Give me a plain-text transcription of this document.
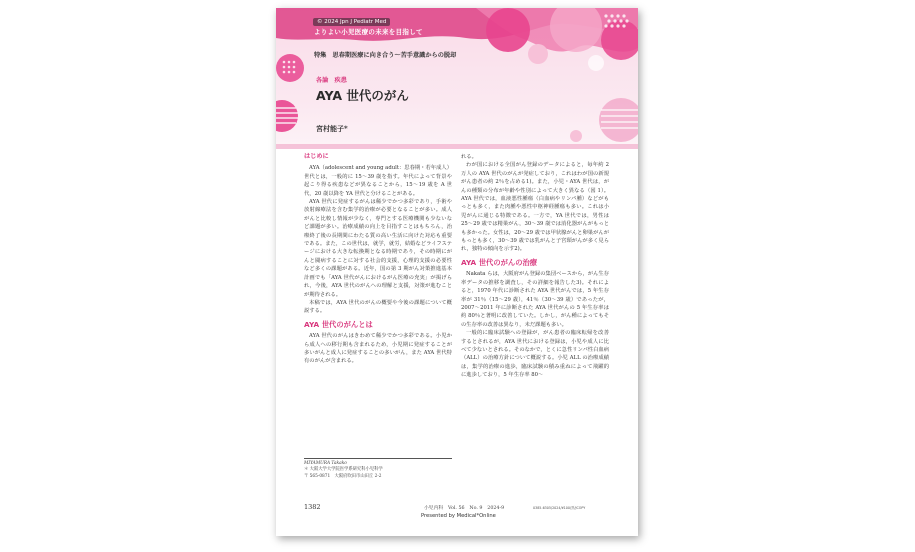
© 2024 Jpn J Pediatr Med
よりよい小児医療の未来を目指して
特集 思春期医療に向き合う～苦手意識からの脱却
各論　疾患
AYA 世代のがん
宮村能子*
はじめに

AYA（adolescent and young adult：思春期・若年成人）世代とは，一般的に 15～39 歳を指す。年代によって背景や起こり得る疾患などが異なることから，15～19 歳を A 世代，20 歳以降を YA 世代と分けることがある。

AYA 世代に発症するがんは稀少でかつ多彩であり，手術や放射線療法を含む集学的治療が必要となることが多い。成人がんと比較し情報が少なく，専門とする医療機関も少ないなど課題が多い。治療成績の向上を目指すことはもちろん，治療終了後の長期間にわたる質の高い生活に向けた対応も重要である。また，この世代は，就学，就労，結婚などライフステージにおける大きな転換期となる時期であり，その時期にがんと闘病することに対する社会的支援，心理的支援の必要性など多くの課題がある。近年，国の第 3 期がん対策推進基本計画でも「AYA 世代がんにおけるがん医療の充実」が掲げられ，今後，AYA 世代のがんへの理解と支援，対策が進むことが期待される。

本稿では，AYA 世代のがんの概要や今後の課題について概説する。

AYA 世代のがんとは

AYA 世代のがんはきわめて稀少でかつ多彩である。小児から成人への移行期も含まれるため，小児期に発症することが多いがんと成人に発症することの多いがん，また AYA 世代特有のがんが含まれる。

れる。

わが国における全国がん登録のデータによると，毎年約 2 万人の AYA 世代のがんが発症しており，これはわが国の新規がん患者の約 2％を占める1)。また，小児・AYA 世代は，がんの種類の分布が年齢や性別によって大きく異なる（図 1）。AYA 世代では，血液悪性腫瘍（白血病やリンパ腫）などがもっとも多く，また肉腫や悪性中枢神経腫瘍も多い。これは小児がんに通じる特徴である。一方で，YA 世代では，男性は 25～29 歳では精巣がん，30～39 歳では消化器がんがもっとも多かった。女性は，20～29 歳では甲状腺がんと卵巣がんがもっとも多く，30～39 歳では乳がんと子宮頸がんが多く見られ，独特の傾向を示す2)。

AYA 世代のがんの治療

Nakata らは，大阪府がん登録の集団ベースから，がん生存率データの推移を調査し，その詳細を報告した3)。それによると，1970 年代に診断された AYA 世代がんでは，5 年生存率が 31％（15～29 歳），41％（30～39 歳）であったが，2007～2011 年に診断された AYA 世代がんの 5 年生存率は約 80％と著明に改善していた。しかし，がん種によってもその生存率の改善は異なり，未だ課題も多い。

一般的に臨床試験への登録が，がん患者の臨床転帰を改善するとされるが，AYA 世代における登録は，小児や成人に比べて少ないとされる。そのなかで，とくに急性リンパ性白血病（ALL）の治療方針について概説する。小児 ALL の治療成績は，集学的治療の進歩，臨床試験の積み重ねによって飛躍的に進歩しており，5 年生存率 80～

MIYAMURA Takako
＊ 大阪大学大学院医学系研究科小児科学
〒 565-0871　大阪府吹田市山田丘 2-2
1382	小児内科　Vol. 56　No. 9　2024-9
Presented by Medical*Online
0385-6305/2024/¥100/頁/JCOPY
